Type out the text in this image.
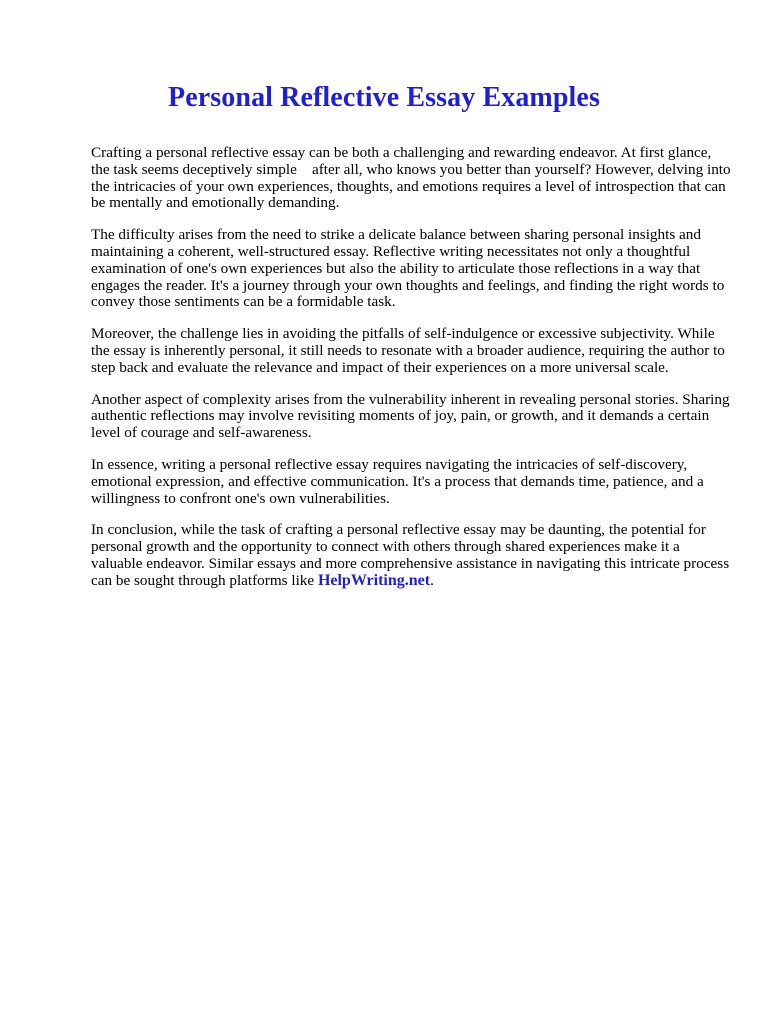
Personal Reflective Essay Examples

Crafting a personal reflective essay can be both a challenging and rewarding endeavor. At first glance, the task seems deceptively simple    after all, who knows you better than yourself? However, delving into the intricacies of your own experiences, thoughts, and emotions requires a level of introspection that can be mentally and emotionally demanding.

The difficulty arises from the need to strike a delicate balance between sharing personal insights and maintaining a coherent, well-structured essay. Reflective writing necessitates not only a thoughtful examination of one's own experiences but also the ability to articulate those reflections in a way that engages the reader. It's a journey through your own thoughts and feelings, and finding the right words to convey those sentiments can be a formidable task.

Moreover, the challenge lies in avoiding the pitfalls of self-indulgence or excessive subjectivity. While the essay is inherently personal, it still needs to resonate with a broader audience, requiring the author to step back and evaluate the relevance and impact of their experiences on a more universal scale.

Another aspect of complexity arises from the vulnerability inherent in revealing personal stories. Sharing authentic reflections may involve revisiting moments of joy, pain, or growth, and it demands a certain level of courage and self-awareness.

In essence, writing a personal reflective essay requires navigating the intricacies of self-discovery, emotional expression, and effective communication. It's a process that demands time, patience, and a willingness to confront one's own vulnerabilities.

In conclusion, while the task of crafting a personal reflective essay may be daunting, the potential for personal growth and the opportunity to connect with others through shared experiences make it a valuable endeavor. Similar essays and more comprehensive assistance in navigating this intricate process can be sought through platforms like HelpWriting.net.
